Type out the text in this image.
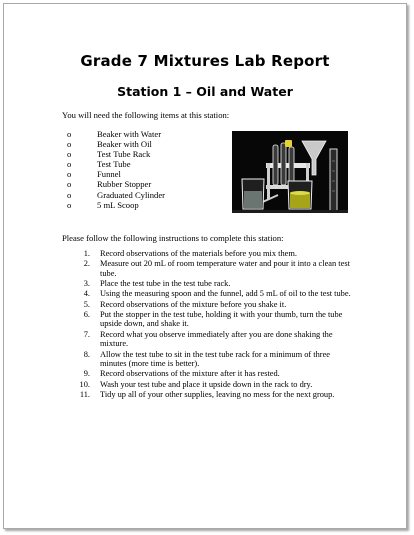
Grade 7 Mixtures Lab Report
Station 1 – Oil and Water
You will need the following items at this station:
o	Beaker with Water
o	Beaker with Oil
o	Test Tube Rack
o	Test Tube
o	Funnel
o	Rubber Stopper
o	Graduated Cylinder
o	5 mL Scoop
Please follow the following instructions to complete this station:
1.	Record observations of the materials before you mix them.
2.	Measure out 20 mL of room temperature water and pour it into a clean test tube.
3.	Place the test tube in the test tube rack.
4.	Using the measuring spoon and the funnel, add 5 mL of oil to the test tube.
5.	Record observations of the mixture before you shake it.
6.	Put the stopper in the test tube, holding it with your thumb, turn the tube upside down, and shake it.
7.	Record what you observe immediately after you are done shaking the mixture.
8.	Allow the test tube to sit in the test tube rack for a minimum of three minutes (more time is better).
9.	Record observations of the mixture after it has rested.
10.	Wash your test tube and place it upside down in the rack to dry.
11.	Tidy up all of your other supplies, leaving no mess for the next group.
